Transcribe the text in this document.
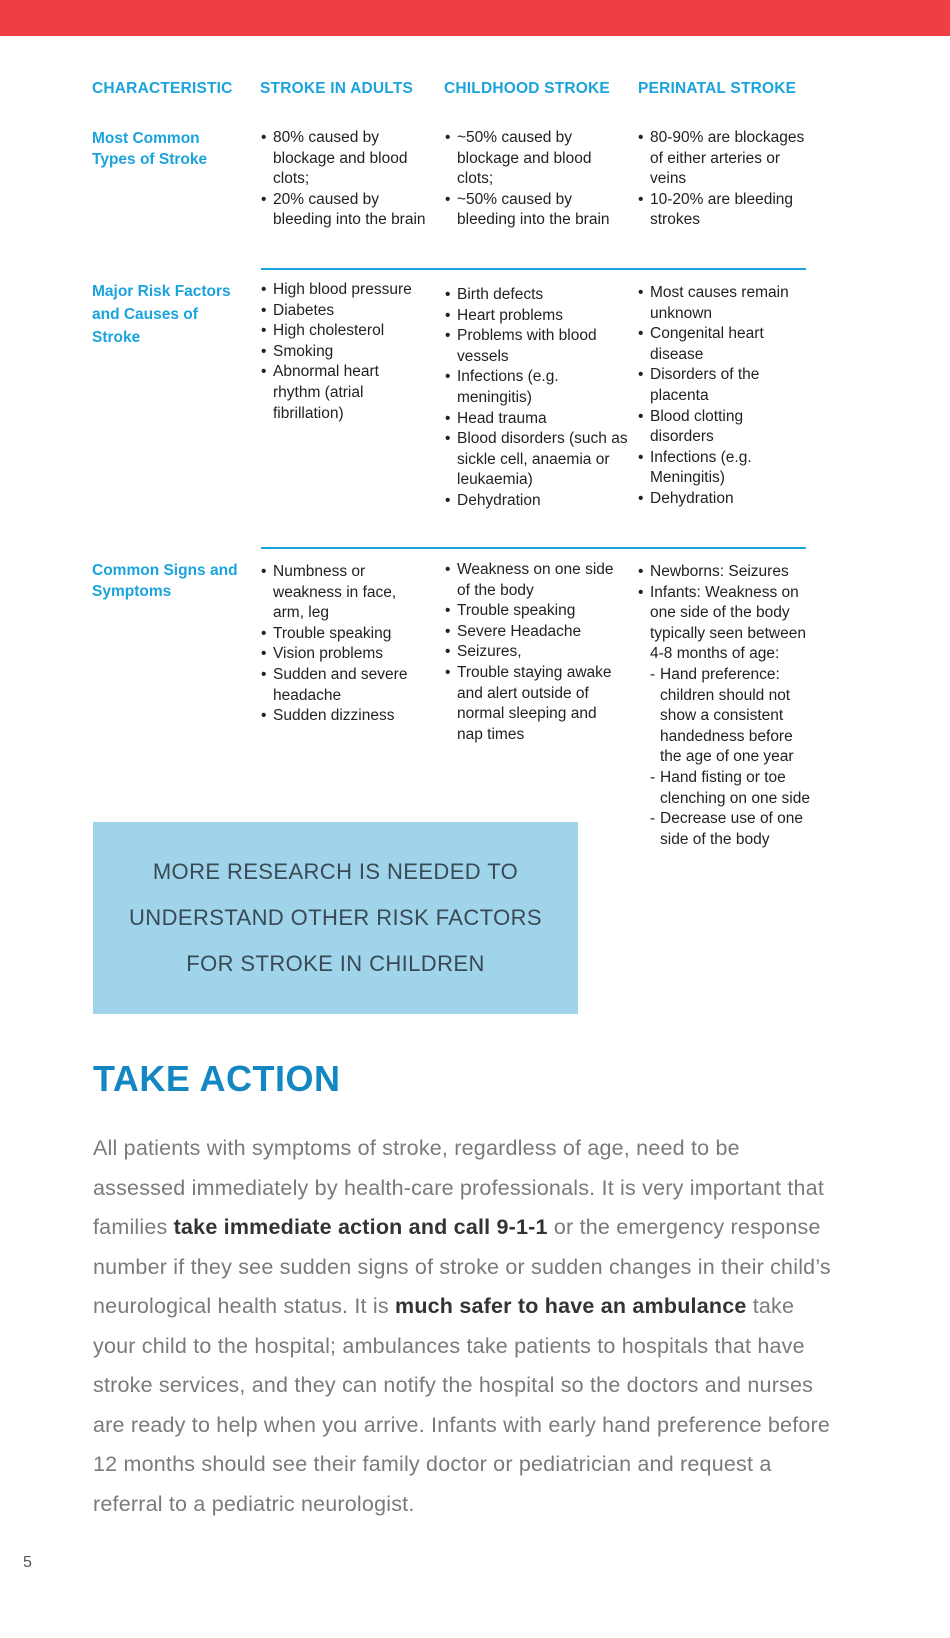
CHARACTERISTIC STROKE IN ADULTS CHILDHOOD STROKE PERINATAL STROKE
Most Common Types of Stroke
• 80% caused by blockage and blood clots;
• 20% caused by bleeding into the brain
• ~50% caused by blockage and blood clots;
• ~50% caused by bleeding into the brain
• 80-90% are blockages of either arteries or veins
• 10-20% are bleeding strokes
Major Risk Factors and Causes of Stroke
• High blood pressure
• Diabetes
• High cholesterol
• Smoking
• Abnormal heart rhythm (atrial fibrillation)
• Birth defects
• Heart problems
• Problems with blood vessels
• Infections (e.g. meningitis)
• Head trauma
• Blood disorders (such as sickle cell, anaemia or leukaemia)
• Dehydration
• Most causes remain unknown
• Congenital heart disease
• Disorders of the placenta
• Blood clotting disorders
• Infections (e.g. Meningitis)
• Dehydration
Common Signs and Symptoms
• Numbness or weakness in face, arm, leg
• Trouble speaking
• Vision problems
• Sudden and severe headache
• Sudden dizziness
• Weakness on one side of the body
• Trouble speaking
• Severe Headache
• Seizures,
• Trouble staying awake and alert outside of normal sleeping and nap times
• Newborns: Seizures
• Infants: Weakness on one side of the body typically seen between 4-8 months of age:
- Hand preference: children should not show a consistent handedness before the age of one year
- Hand fisting or toe clenching on one side
- Decrease use of one side of the body
MORE RESEARCH IS NEEDED TO UNDERSTAND OTHER RISK FACTORS FOR STROKE IN CHILDREN
TAKE ACTION

All patients with symptoms of stroke, regardless of age, need to be assessed immediately by health-care professionals. It is very important that families take immediate action and call 9-1-1 or the emergency response number if they see sudden signs of stroke or sudden changes in their child’s neurological health status. It is much safer to have an ambulance take your child to the hospital; ambulances take patients to hospitals that have stroke services, and they can notify the hospital so the doctors and nurses are ready to help when you arrive. Infants with early hand preference before 12 months should see their family doctor or pediatrician and request a referral to a pediatric neurologist.

5
